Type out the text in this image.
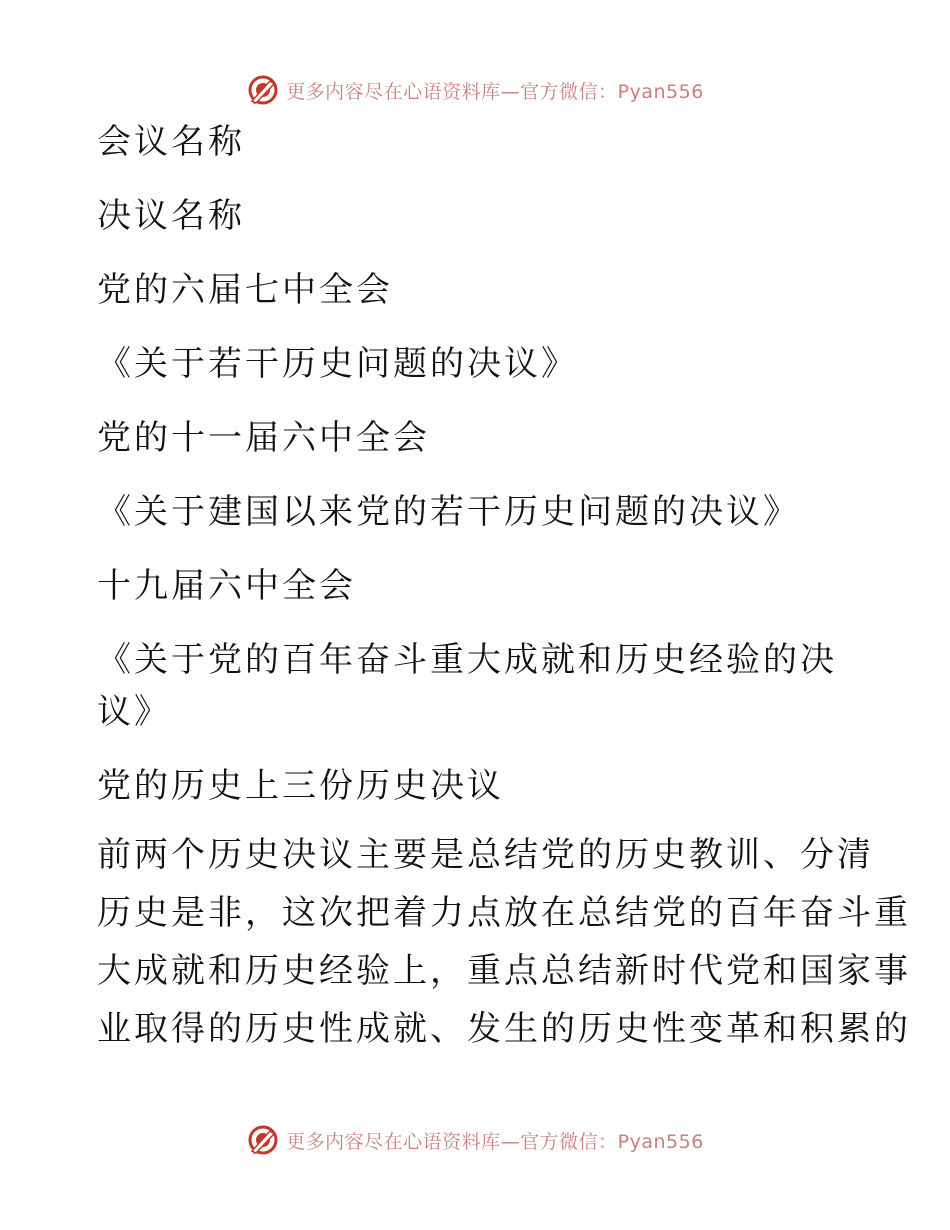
更多内容尽在心语资料库—官方微信：Pyan556

会议名称

决议名称

党的六届七中全会

《关于若干历史问题的决议》

党的十一届六中全会

《关于建国以来党的若干历史问题的决议》

十九届六中全会

《关于党的百年奋斗重大成就和历史经验的决

议》

党的历史上三份历史决议

前两个历史决议主要是总结党的历史教训、分清

历史是非，这次把着力点放在总结党的百年奋斗重

大成就和历史经验上，重点总结新时代党和国家事

业取得的历史性成就、发生的历史性变革和积累的

更多内容尽在心语资料库—官方微信：Pyan556
